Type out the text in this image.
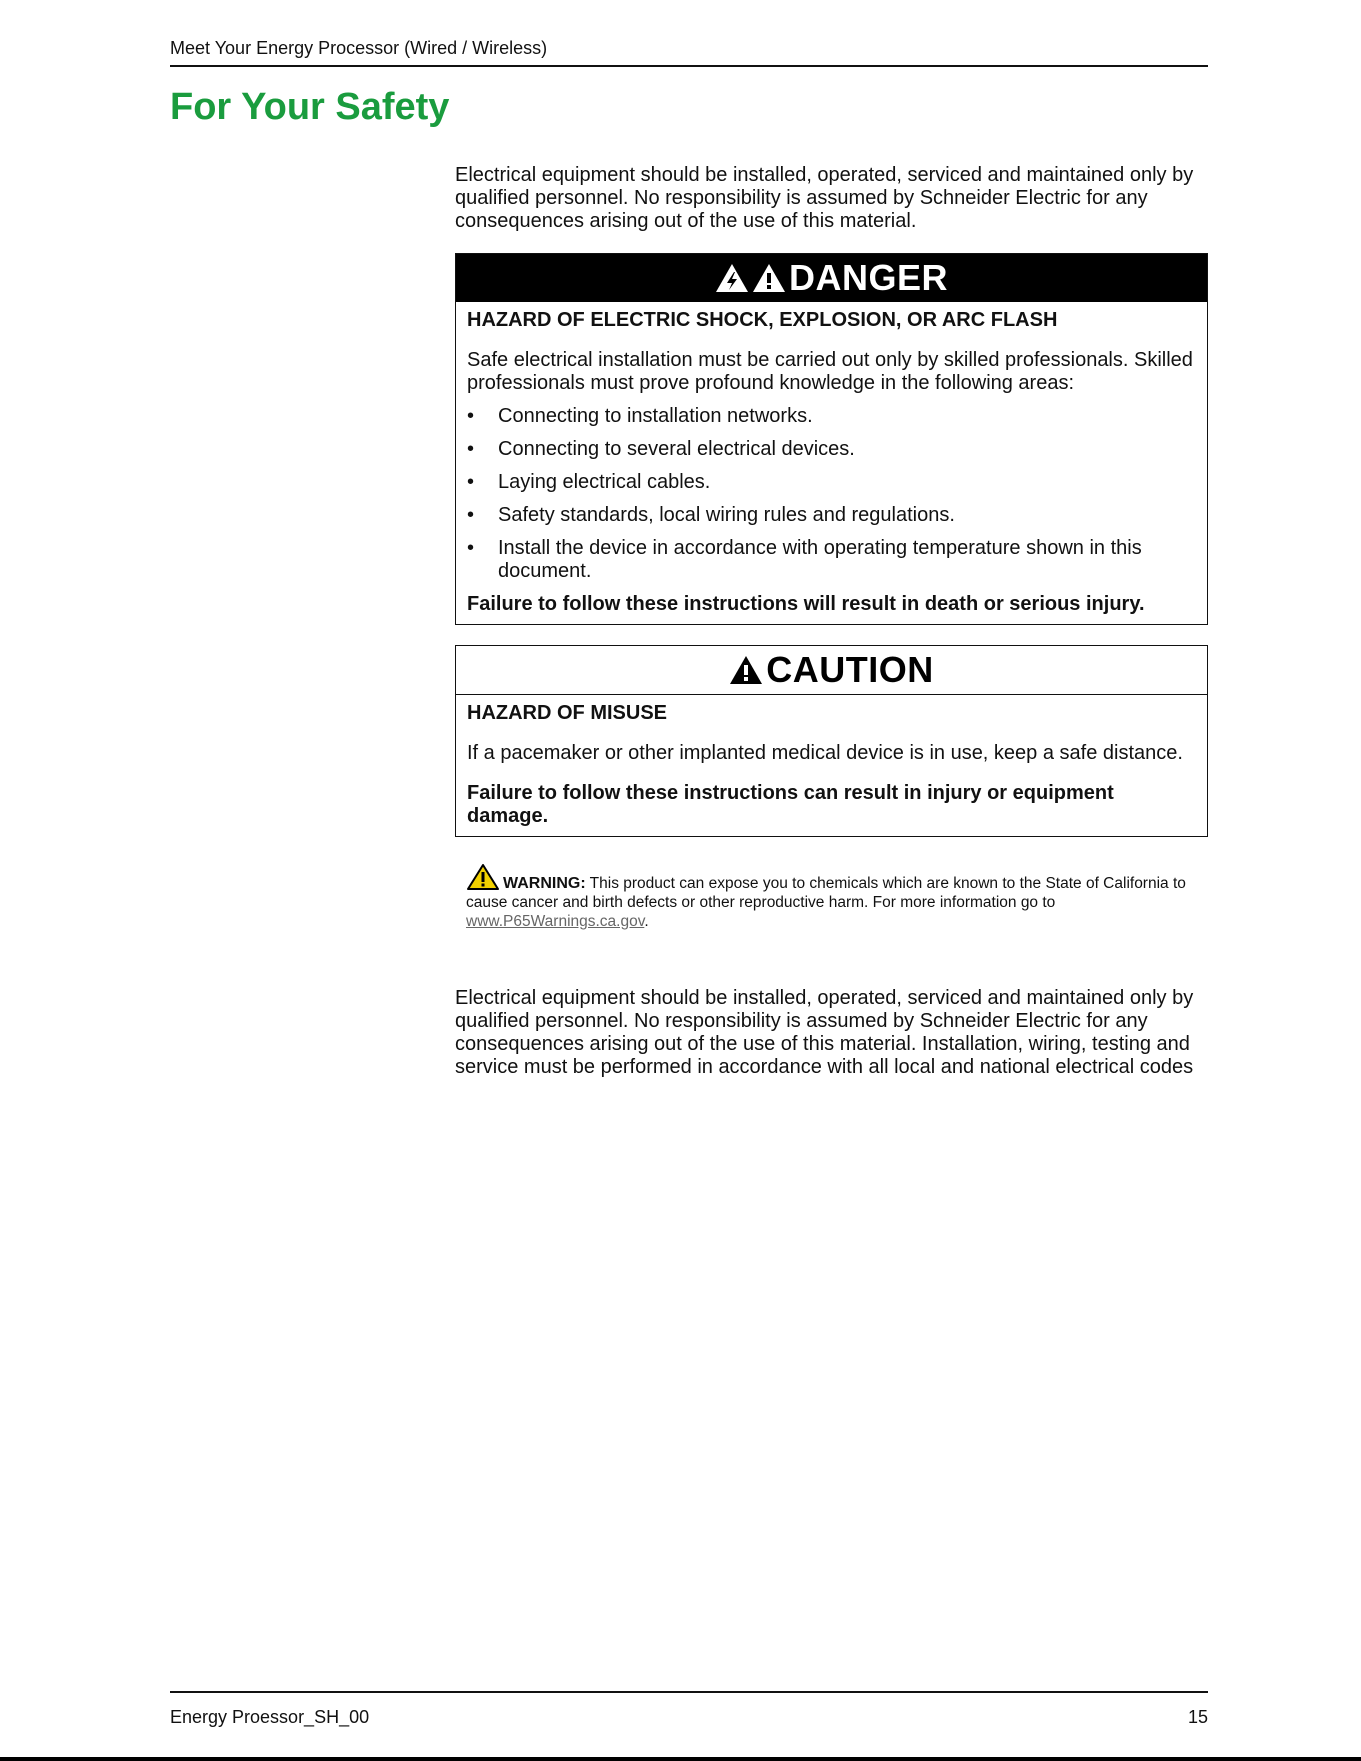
Meet Your Energy Processor (Wired / Wireless)
For Your Safety

Electrical equipment should be installed, operated, serviced and maintained only by qualified personnel. No responsibility is assumed by Schneider Electric for any consequences arising out of the use of this material.

DANGER

HAZARD OF ELECTRIC SHOCK, EXPLOSION, OR ARC FLASH

Safe electrical installation must be carried out only by skilled professionals. Skilled professionals must prove profound knowledge in the following areas:

• Connecting to installation networks.
• Connecting to several electrical devices.
• Laying electrical cables.
• Safety standards, local wiring rules and regulations.
• Install the device in accordance with operating temperature shown in this document.

Failure to follow these instructions will result in death or serious injury.

CAUTION

HAZARD OF MISUSE

If a pacemaker or other implanted medical device is in use, keep a safe distance.

Failure to follow these instructions can result in injury or equipment damage.

WARNING: This product can expose you to chemicals which are known to the State of California to cause cancer and birth defects or other reproductive harm. For more information go to www.P65Warnings.ca.gov.

Electrical equipment should be installed, operated, serviced and maintained only by qualified personnel. No responsibility is assumed by Schneider Electric for any consequences arising out of the use of this material. Installation, wiring, testing and service must be performed in accordance with all local and national electrical codes

Energy Proessor_SH_00	15
